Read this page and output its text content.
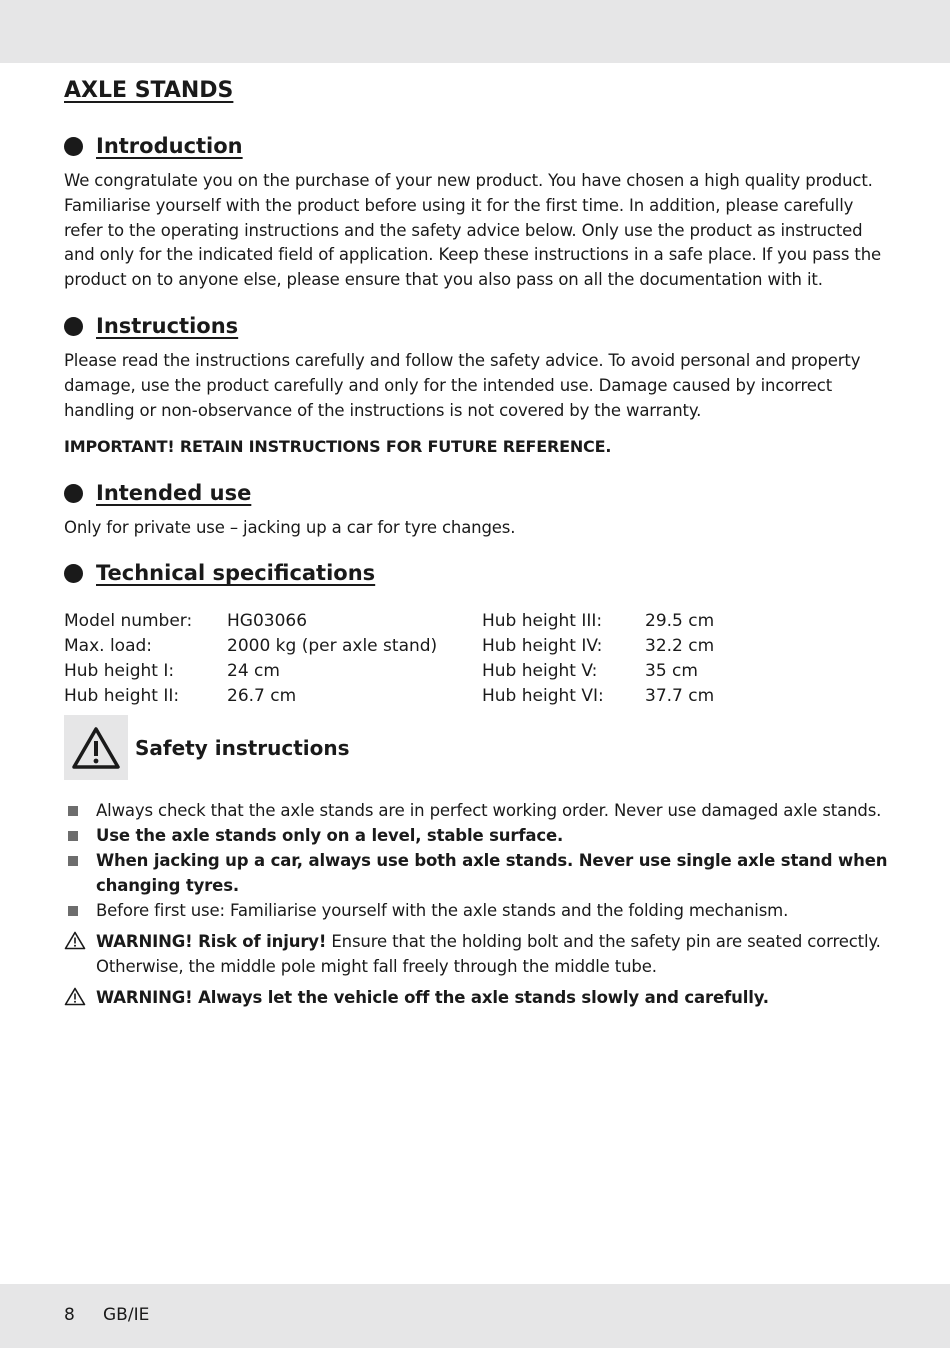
AXLE STANDS
Introduction

We congratulate you on the purchase of your new product. You have chosen a high quality product. Familiarise yourself with the product before using it for the first time. In addition, please carefully refer to the operating instructions and the safety advice below. Only use the product as instructed and only for the indicated field of application. Keep these instructions in a safe place. If you pass the product on to anyone else, please ensure that you also pass on all the documentation with it.

Instructions

Please read the instructions carefully and follow the safety advice. To avoid personal and property damage, use the product carefully and only for the intended use. Damage caused by incorrect handling or non-observance of the instructions is not covered by the warranty.

IMPORTANT! RETAIN INSTRUCTIONS FOR FUTURE REFERENCE.

Intended use

Only for private use – jacking up a car for tyre changes.

Technical specifications
Model number: HG03066
Max. load:	2000 kg (per axle stand)
Hub height I:	24 cm
Hub height II:	26.7 cm
Hub height III:	29.5 cm
Hub height IV:	32.2 cm
Hub height V:	35 cm
Hub height VI: 37.7 cm
Safety instructions
Always check that the axle stands are in perfect working order. Never use damaged axle stands.
Use the axle stands only on a level, stable surface.
When jacking up a car, always use both axle stands. Never use single axle stand when changing tyres.
Before first use: Familiarise yourself with the axle stands and the folding mechanism.
WARNING! Risk of injury! Ensure that the holding bolt and the safety pin are seated correctly. Otherwise, the middle pole might fall freely through the middle tube.
WARNING! Always let the vehicle off the axle stands slowly and carefully.
8 GB/IE
